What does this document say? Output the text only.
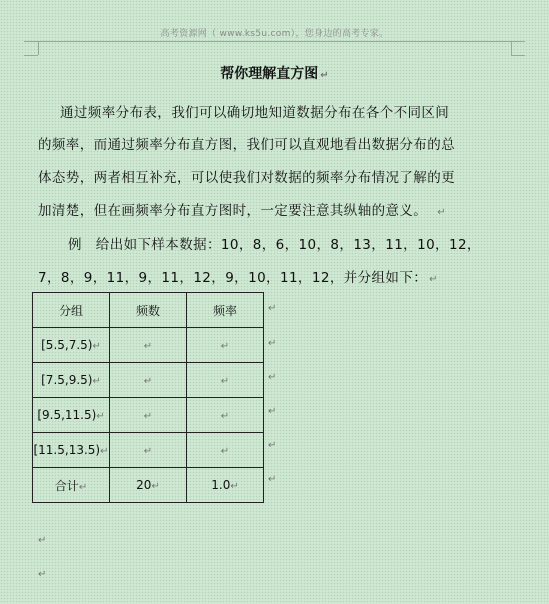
高考资源网（ www.ks5u.com），您身边的高考专家。
帮你理解直方图 ↵
通过频率分布表，我们可以确切地知道数据分布在各个不同区间
的频率，而通过频率分布直方图，我们可以直观地看出数据分布的总
体态势，两者相互补充，可以使我们对数据的频率分布情况了解的更
加清楚，但在画频率分布直方图时，一定要注意其纵轴的意义。 ↵
例　给出如下样本数据：10，8，6，10，8，13，11，10，12，
7，8，9，11，9，11，12，9，10，11，12，并分组如下： ↵
分组	频数	频率
[5.5,7.5)↵	↵	↵
[7.5,9.5)↵	↵	↵
[9.5,11.5)↵	↵	↵
[11.5,13.5)↵	↵	↵
合计↵	20↵	1.0↵
↵
↵
↵
↵
↵
↵
↵
↵
